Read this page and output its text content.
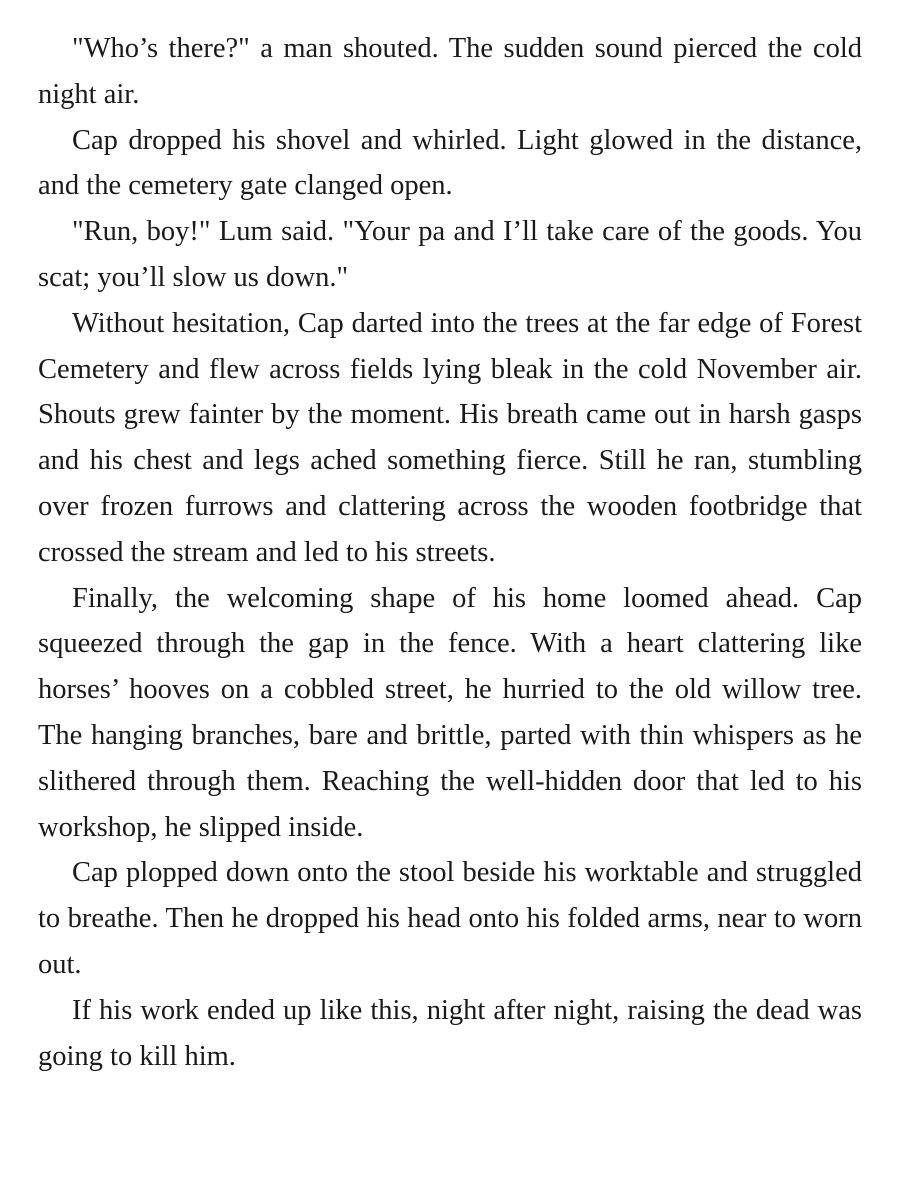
"Who’s there?" a man shouted. The sudden sound pierced the cold night air.

Cap dropped his shovel and whirled. Light glowed in the distance, and the cemetery gate clanged open.

"Run, boy!" Lum said. "Your pa and I’ll take care of the goods. You scat; you’ll slow us down."

Without hesitation, Cap darted into the trees at the far edge of Forest Cemetery and flew across fields lying bleak in the cold November air. Shouts grew fainter by the moment. His breath came out in harsh gasps and his chest and legs ached something fierce. Still he ran, stumbling over frozen furrows and clattering across the wooden footbridge that crossed the stream and led to his streets.

Finally, the welcoming shape of his home loomed ahead. Cap squeezed through the gap in the fence. With a heart clattering like horses’ hooves on a cobbled street, he hurried to the old willow tree. The hanging branches, bare and brittle, parted with thin whispers as he slithered through them. Reaching the well-hidden door that led to his workshop, he slipped inside.

Cap plopped down onto the stool beside his worktable and struggled to breathe. Then he dropped his head onto his folded arms, near to worn out.

If his work ended up like this, night after night, raising the dead was going to kill him.
